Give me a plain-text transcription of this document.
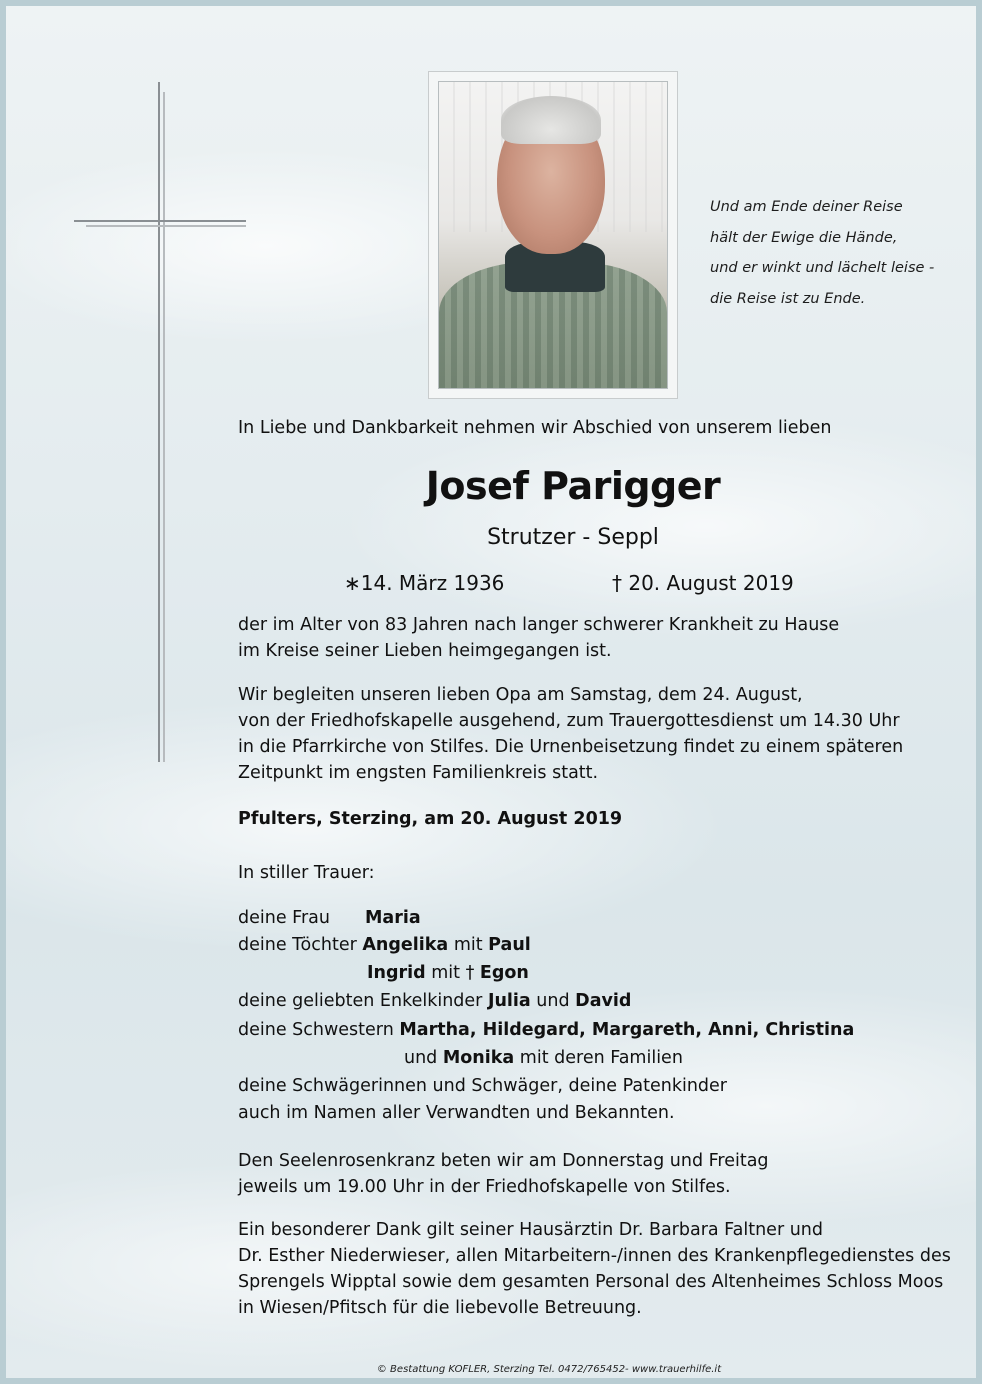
Und am Ende deiner Reise
hält der Ewige die Hände,
und er winkt und lächelt leise -
die Reise ist zu Ende.
In Liebe und Dankbarkeit nehmen wir Abschied von unserem lieben
Josef Parigger
Strutzer - Seppl
∗14. März 1936	† 20. August 2019
der im Alter von 83 Jahren nach langer schwerer Krankheit zu Hause
im Kreise seiner Lieben heimgegangen ist.
Wir begleiten unseren lieben Opa am Samstag, dem 24. August,
von der Friedhofskapelle ausgehend, zum Trauergottesdienst um 14.30 Uhr
in die Pfarrkirche von Stilfes. Die Urnenbeisetzung findet zu einem späteren
Zeitpunkt im engsten Familienkreis statt.
Pfulters, Sterzing, am 20. August 2019
In stiller Trauer:
deine Frau Maria
deine Töchter Angelika mit Paul
Ingrid mit † Egon
deine geliebten Enkelkinder Julia und David
deine Schwestern Martha, Hildegard, Margareth, Anni, Christina
und Monika mit deren Familien
deine Schwägerinnen und Schwäger, deine Patenkinder
auch im Namen aller Verwandten und Bekannten.
Den Seelenrosenkranz beten wir am Donnerstag und Freitag
jeweils um 19.00 Uhr in der Friedhofskapelle von Stilfes.
Ein besonderer Dank gilt seiner Hausärztin Dr. Barbara Faltner und
Dr. Esther Niederwieser, allen Mitarbeitern-/innen des Krankenpflegedienstes des
Sprengels Wipptal sowie dem gesamten Personal des Altenheimes Schloss Moos
in Wiesen/Pfitsch für die liebevolle Betreuung.
© Bestattung KOFLER, Sterzing Tel. 0472/765452- www.trauerhilfe.it
